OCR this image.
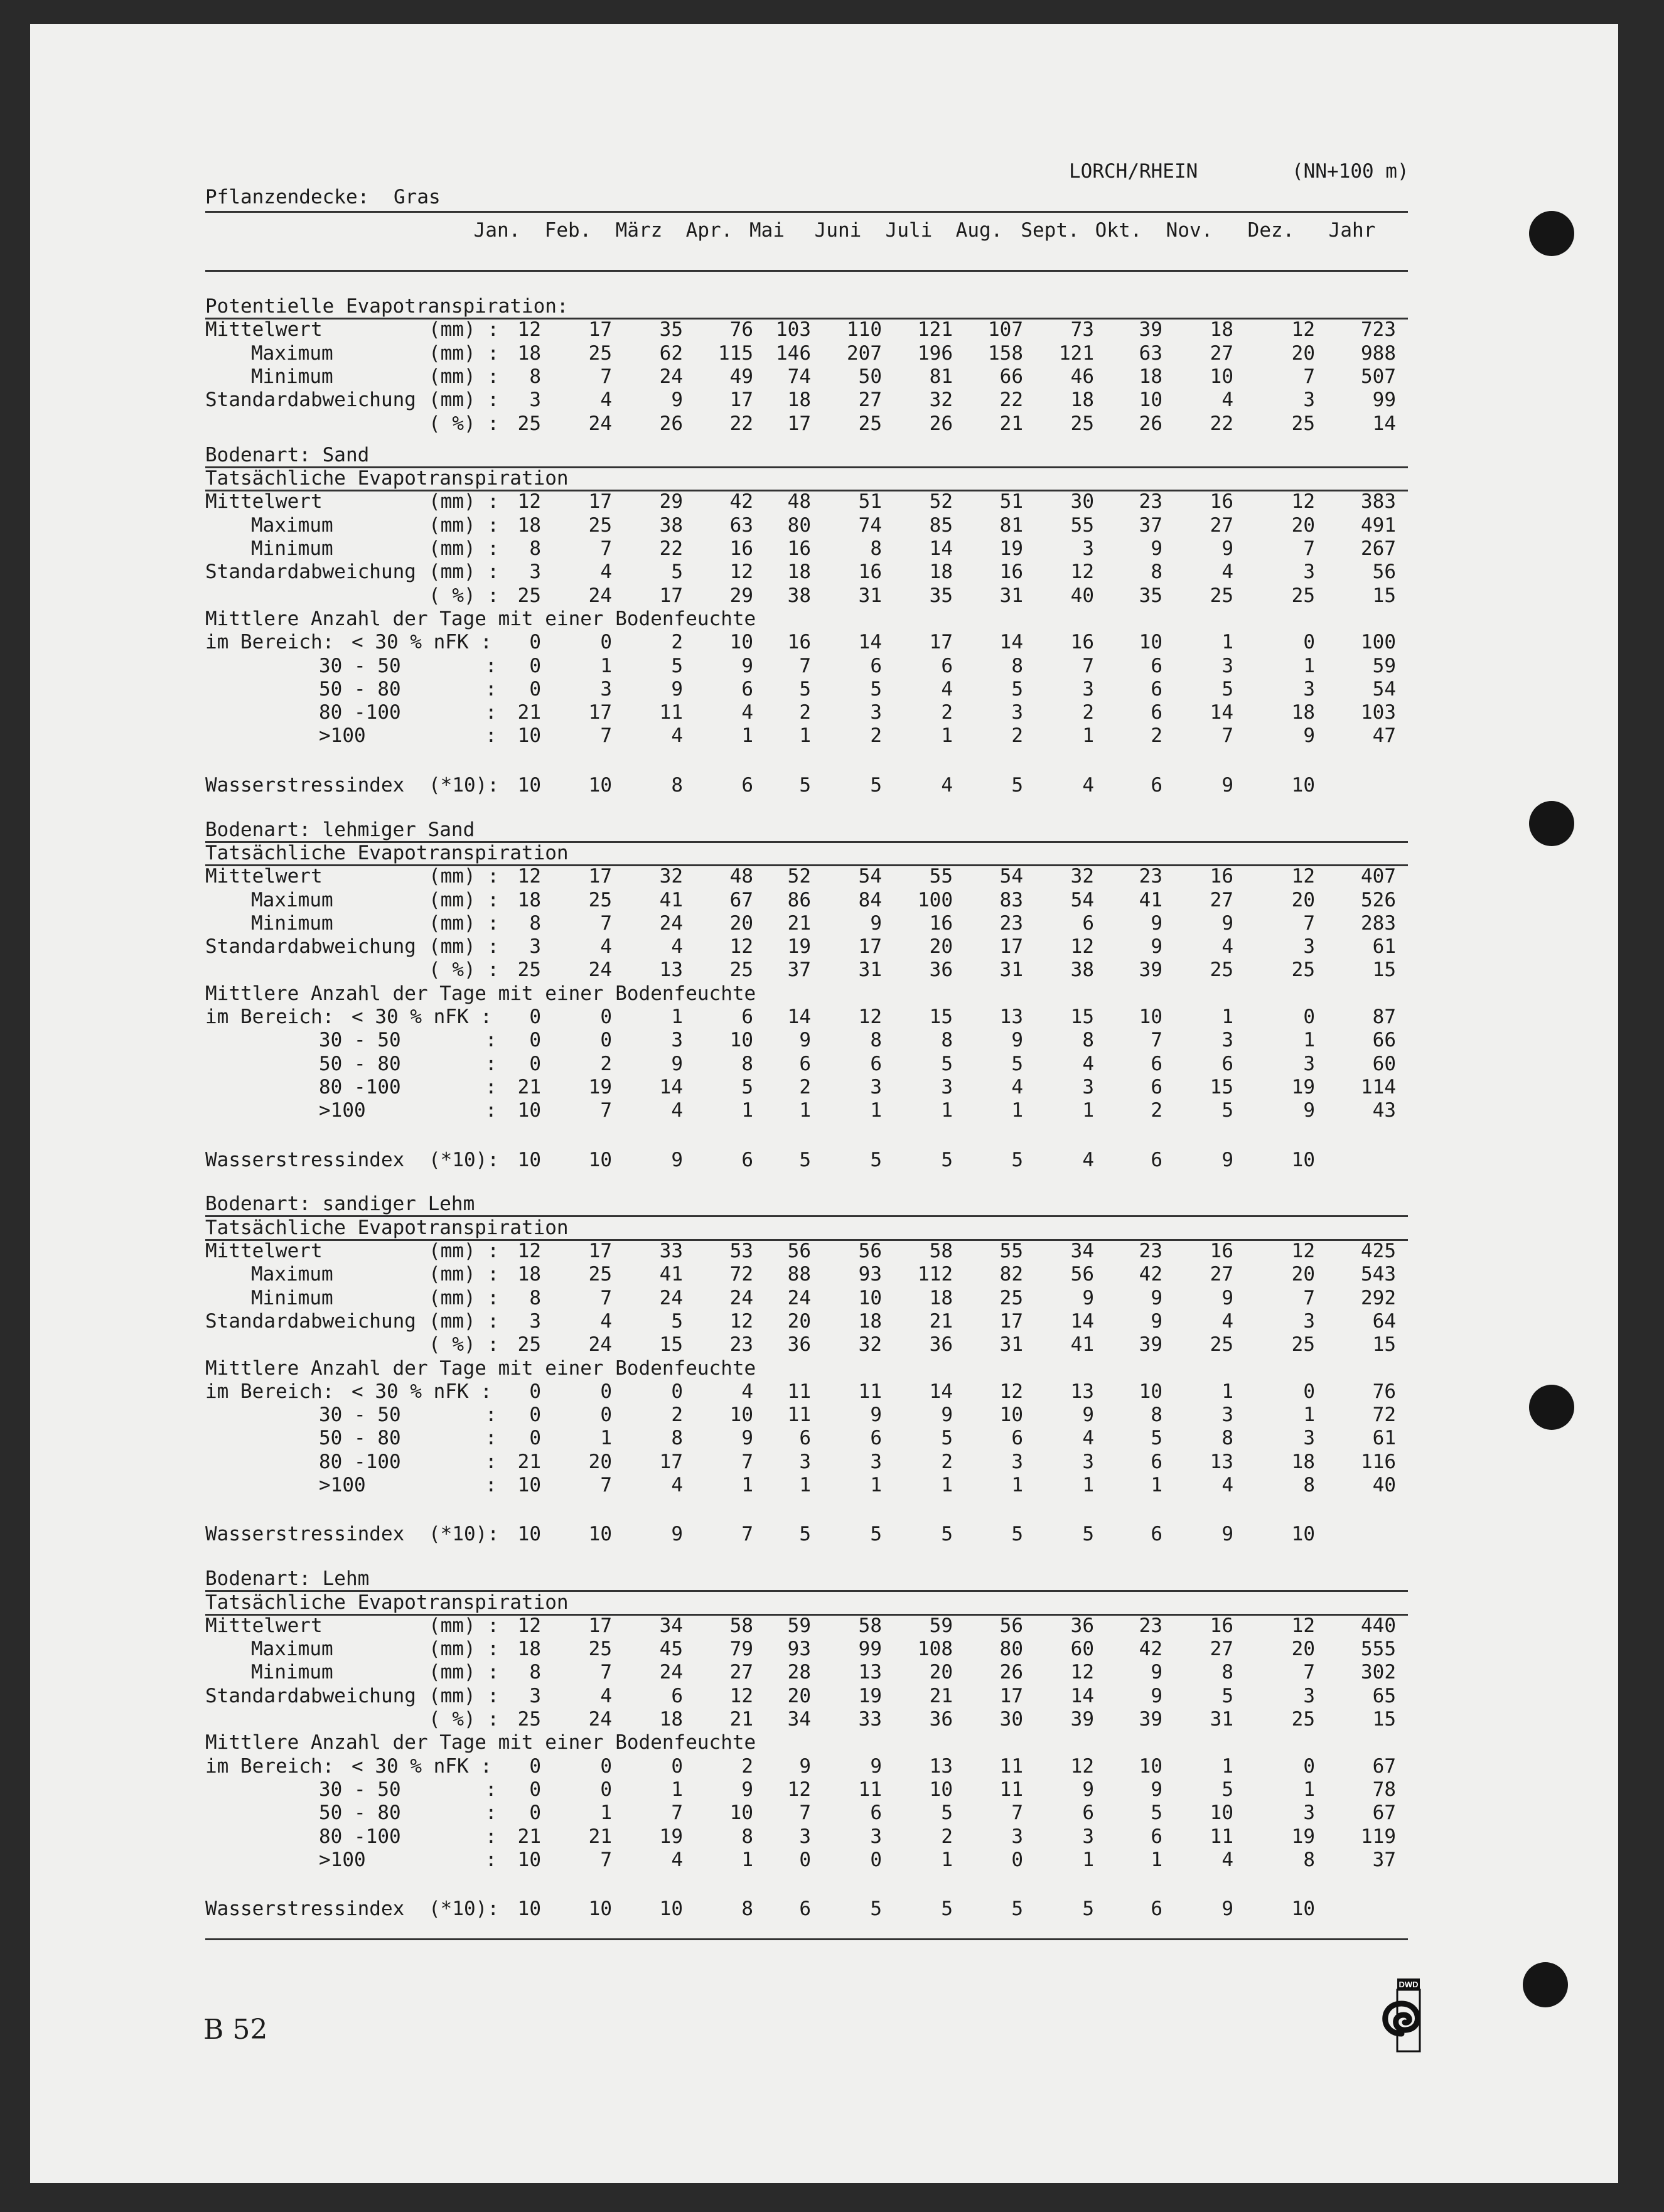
LORCH/RHEIN	(NN+100 m)
Pflanzendecke: Gras
Jan.	Feb.	März	Apr. Mai	Juni	Juli	Aug. Sept. Okt.	Nov.	Dez.	Jahr
Potentielle Evapotranspiration:
Mittelwert	(mm) : 12	17	35	76	103	110	121	107	73	39	18	12	723
Maximum	(mm) : 18	25	62	115	146	207	196	158	121	63	27	20	988
Minimum	(mm) :	8	7	24	49	74	50	81	66	46	18	10	7	507
Standardabweichung (mm) :	3	4	9	17	18	27	32	22	18	10	4	3	99
( %) : 25	24	26	22	17	25	26	21	25	26	22	25	14
Bodenart: Sand
Tatsächliche Evapotranspiration
Mittelwert	(mm) : 12	17	29	42	48	51	52	51	30	23	16	12	383
Maximum	(mm) : 18	25	38	63	80	74	85	81	55	37	27	20	491
Minimum	(mm) :	8	7	22	16	16	8	14	19	3	9	9	7	267
Standardabweichung (mm) :	3	4	5	12	18	16	18	16	12	8	4	3	56
( %) : 25	24	17	29	38	31	35	31	40	35	25	25	15
Mittlere Anzahl der Tage mit einer Bodenfeuchte
im Bereich: < 30 % nFK :	0	0	2	10	16	14	17	14	16	10	1	0	100
30 - 50	:	0	1	5	9	7	6	6	8	7	6	3	1	59
50 - 80	:	0	3	9	6	5	5	4	5	3	6	5	3	54
80 -100	:	21	17	11	4	2	3	2	3	2	6	14	18	103
>100	:	10	7	4	1	1	2	1	2	1	2	7	9	47
Wasserstressindex (*10): 10	10	8	6	5	5	4	5	4	6	9	10
Bodenart: lehmiger Sand
Tatsächliche Evapotranspiration
Mittelwert	(mm) : 12	17	32	48	52	54	55	54	32	23	16	12	407
Maximum	(mm) : 18	25	41	67	86	84	100	83	54	41	27	20	526
Minimum	(mm) :	8	7	24	20	21	9	16	23	6	9	9	7	283
Standardabweichung (mm) :	3	4	4	12	19	17	20	17	12	9	4	3	61
( %) : 25	24	13	25	37	31	36	31	38	39	25	25	15
Mittlere Anzahl der Tage mit einer Bodenfeuchte
im Bereich: < 30 % nFK :	0	0	1	6	14	12	15	13	15	10	1	0	87
30 - 50	:	0	0	3	10	9	8	8	9	8	7	3	1	66
50 - 80	:	0	2	9	8	6	6	5	5	4	6	6	3	60
80 -100	:	21	19	14	5	2	3	3	4	3	6	15	19	114
>100	:	10	7	4	1	1	1	1	1	1	2	5	9	43
Wasserstressindex (*10): 10	10	9	6	5	5	5	5	4	6	9	10
Bodenart: sandiger Lehm
Tatsächliche Evapotranspiration
Mittelwert	(mm) : 12	17	33	53	56	56	58	55	34	23	16	12	425
Maximum	(mm) : 18	25	41	72	88	93	112	82	56	42	27	20	543
Minimum	(mm) :	8	7	24	24	24	10	18	25	9	9	9	7	292
Standardabweichung (mm) :	3	4	5	12	20	18	21	17	14	9	4	3	64
( %) : 25	24	15	23	36	32	36	31	41	39	25	25	15
Mittlere Anzahl der Tage mit einer Bodenfeuchte
im Bereich: < 30 % nFK :	0	0	0	4	11	11	14	12	13	10	1	0	76
30 - 50	:	0	0	2	10	11	9	9	10	9	8	3	1	72
50 - 80	:	0	1	8	9	6	6	5	6	4	5	8	3	61
80 -100	:	21	20	17	7	3	3	2	3	3	6	13	18	116
>100	:	10	7	4	1	1	1	1	1	1	1	4	8	40
Wasserstressindex (*10): 10	10	9	7	5	5	5	5	5	6	9	10
Bodenart: Lehm
Tatsächliche Evapotranspiration
Mittelwert	(mm) : 12	17	34	58	59	58	59	56	36	23	16	12	440
Maximum	(mm) : 18	25	45	79	93	99	108	80	60	42	27	20	555
Minimum	(mm) :	8	7	24	27	28	13	20	26	12	9	8	7	302
Standardabweichung (mm) :	3	4	6	12	20	19	21	17	14	9	5	3	65
( %) : 25	24	18	21	34	33	36	30	39	39	31	25	15
Mittlere Anzahl der Tage mit einer Bodenfeuchte
im Bereich: < 30 % nFK :	0	0	0	2	9	9	13	11	12	10	1	0	67
30 - 50	:	0	0	1	9	12	11	10	11	9	9	5	1	78
50 - 80	:	0	1	7	10	7	6	5	7	6	5	10	3	67
80 -100	:	21	21	19	8	3	3	2	3	3	6	11	19	119
>100	:	10	7	4	1	0	0	1	0	1	1	4	8	37
Wasserstressindex (*10): 10	10	10	8	6	5	5	5	5	6	9	10
B 52
DWD
